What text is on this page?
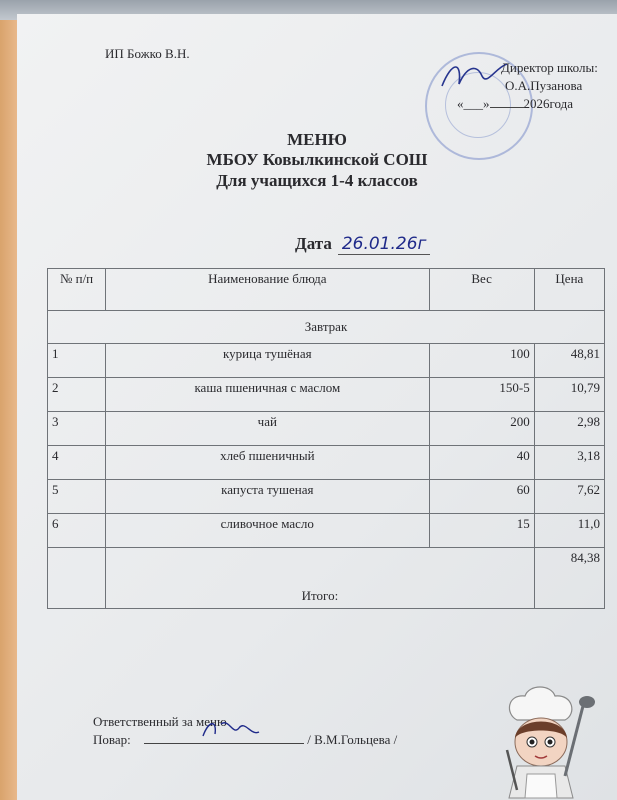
ИП Божко В.Н.
Директор школы:
О.А.Пузанова
«___»	2026года
МЕНЮ
МБОУ Ковылкинской СОШ
Для учащихся 1-4 классов
Дата 26.01.26г
№ п/п	Наименование блюда	Вес	Цена
Завтрак			
1	курица тушёная	100	48,81
2	каша пшеничная с маслом	150-5	10,79
3	чай	200	2,98
4	хлеб пшеничный	40	3,18
5	капуста тушеная	60	7,62
6	сливочное масло	15	11,0
	Итого:		84,38
Ответственный за меню
Повар:	/ В.М.Гольцева /
